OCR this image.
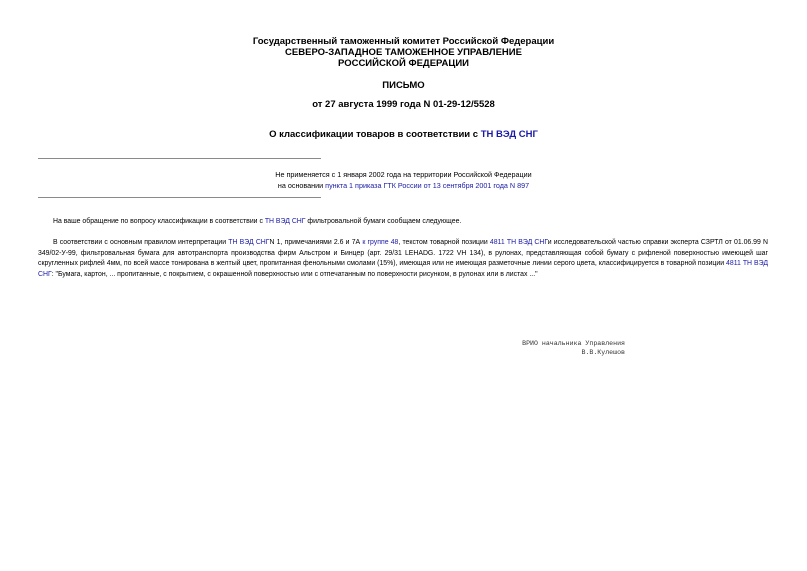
Государственный таможенный комитет Российской Федерации
СЕВЕРО-ЗАПАДНОЕ ТАМОЖЕННОЕ УПРАВЛЕНИЕ
РОССИЙСКОЙ ФЕДЕРАЦИИ
ПИСЬМО
от 27 августа 1999 года N 01-29-12/5528
О классификации товаров в соответствии с ТН ВЭД СНГ
Не применяется с 1 января 2002 года на территории Российской Федерации
на основании пункта 1 приказа ГТК России от 13 сентября 2001 года N 897
На ваше обращение по вопросу классификации в соответствии с ТН ВЭД СНГ фильтровальной бумаги сообщаем следующее.
В соответствии с основным правилом интерпретации ТН ВЭД СНГN 1, примечаниями 2.6 и 7А к группе 48, текстом товарной позиции 4811 ТН ВЭД СНГи исследовательской частью справки эксперта СЗРТЛ от 01.06.99 N 349/02-У-99, фильтровальная бумага для автотранспорта производства фирм Альстром и Бинцер (арт. 29/31 LEHADG. 1722 VH 134), в рулонах, представляющая собой бумагу с рифленой поверхностью имеющей шаг скругленных рифлей 4мм, по всей массе тонирована в желтый цвет, пропитанная фенольными смолами (15%), имеющая или не имеющая разметочные линии серого цвета, классифицируется в товарной позиции 4811 ТН ВЭД СНГ: "Бумага, картон, ... пропитанные, с покрытием, с окрашенной поверхностью или с отпечатанным по поверхности рисунком, в рулонах или в листах ..."
ВРИО начальника Управления
В.В.Кулешов
